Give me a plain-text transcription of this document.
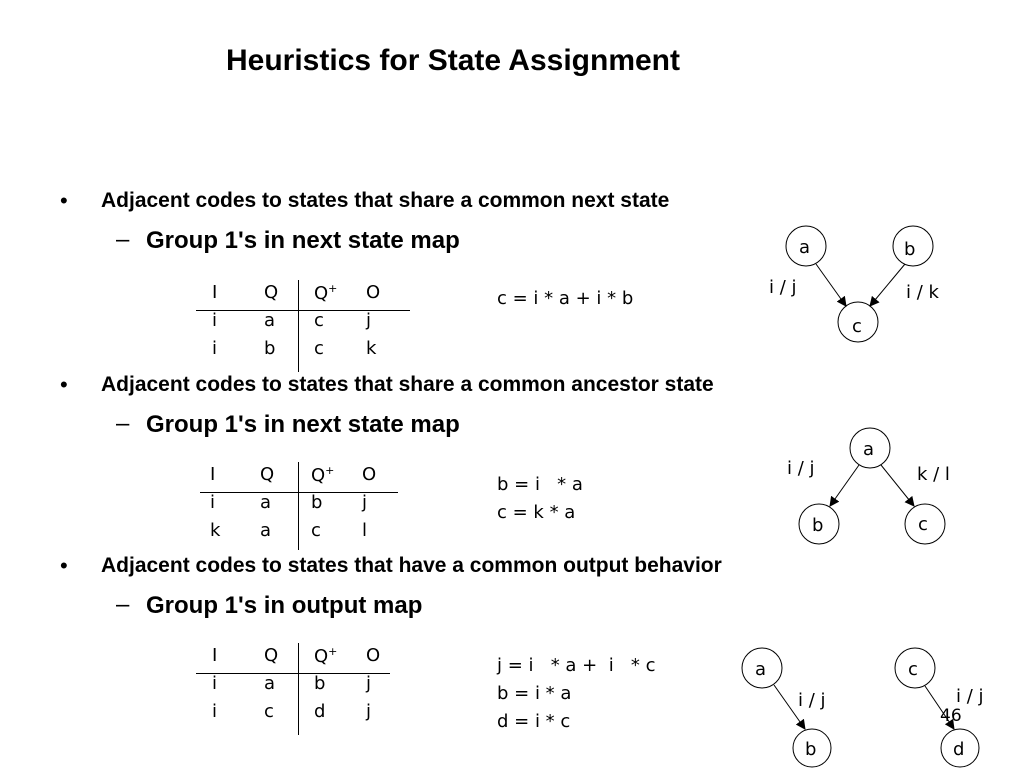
Heuristics for State Assignment
• Adjacent codes to states that share a common next state
– Group 1's in next state map
I	Q Q+ O
i	a c j
i	b c k
c = i * a + i * b
a	b
c
i / j	i / k
• Adjacent codes to states that share a common ancestor state
– Group 1's in next state map
I Q Q+ O
i a b j
k a c l
b = i   * a
c = k * a
a
b	c
i / j	k / l
• Adjacent codes to states that have a common output behavior
– Group 1's in output map
I	Q Q+ O
i	a b j
i	c d j
j = i   * a +  i   * c
b = i * a
d = i * c
a
b
c
d
i / j	i / j
46
